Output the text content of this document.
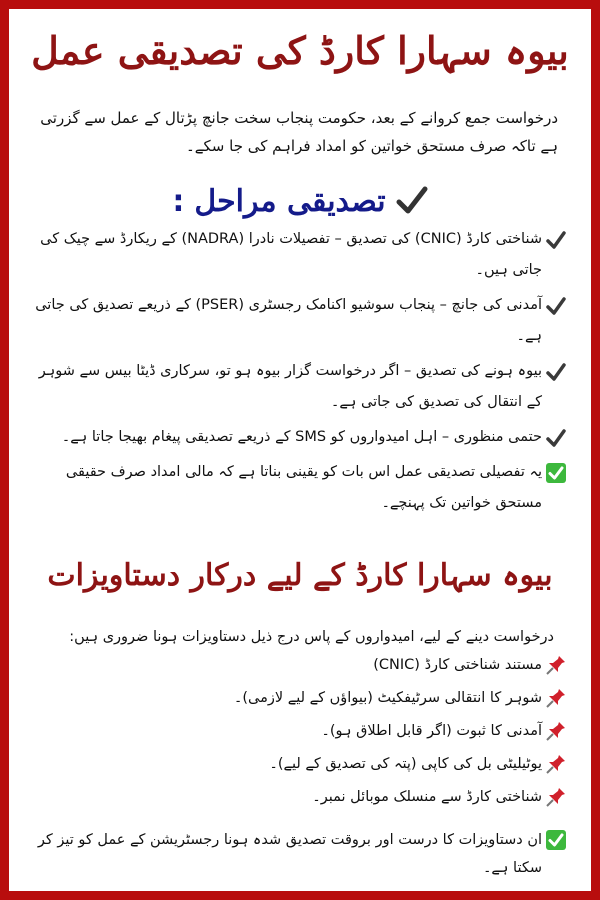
بیوہ سہارا کارڈ کی تصدیقی عمل
درخواست جمع کروانے کے بعد، حکومت پنجاب سخت جانچ پڑتال کے عمل سے گزرتی ہے تاکہ صرف مستحق خواتین کو امداد فراہم کی جا سکے۔
تصدیقی مراحل
:
شناختی کارڈ (CNIC) کی تصدیق – تفصیلات نادرا (NADRA) کے ریکارڈ سے چیک کی جاتی ہیں۔
آمدنی کی جانچ – پنجاب سوشیو اکنامک رجسٹری (PSER) کے ذریعے تصدیق کی جاتی ہے۔
بیوہ ہونے کی تصدیق – اگر درخواست گزار بیوہ ہو تو، سرکاری ڈیٹا بیس سے شوہر کے انتقال کی تصدیق کی جاتی ہے۔
حتمی منظوری – اہل امیدواروں کو SMS کے ذریعے تصدیقی پیغام بھیجا جاتا ہے۔
یہ تفصیلی تصدیقی عمل اس بات کو یقینی بناتا ہے کہ مالی امداد صرف حقیقی مستحق خواتین تک پہنچے۔
بیوہ سہارا کارڈ کے لیے درکار دستاویزات
درخواست دینے کے لیے، امیدواروں کے پاس درج ذیل دستاویزات ہونا ضروری ہیں:
مستند شناختی کارڈ (CNIC)
شوہر کا انتقالی سرٹیفکیٹ (بیواؤں کے لیے لازمی)۔
آمدنی کا ثبوت (اگر قابل اطلاق ہو)۔
یوٹیلیٹی بل کی کاپی (پتہ کی تصدیق کے لیے)۔
شناختی کارڈ سے منسلک موبائل نمبر۔
ان دستاویزات کا درست اور بروقت تصدیق شدہ ہونا رجسٹریشن کے عمل کو تیز کر سکتا ہے۔
